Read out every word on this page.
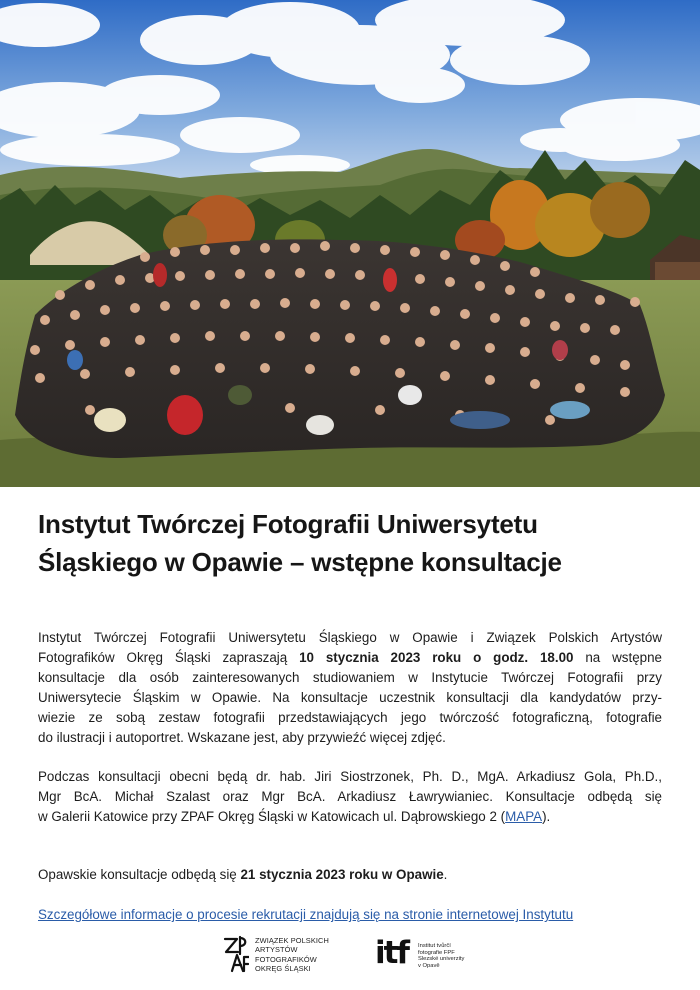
Instytut Twórczej Fotografii Uniwersytetu
Śląskiego w Opawie – wstępne konsultacje
Instytut Twórczej Fotografii Uniwersytetu Śląskiego w Opawie i Związek Polskich Artystów
Fotografików Okręg Śląski zapraszają 10 stycznia 2023 roku o godz. 18.00 na wstępne
konsultacje dla osób zainteresowanych studiowaniem w Instytucie Twórczej Fotografii przy
Uniwersytecie Śląskim w Opawie. Na konsultacje uczestnik konsultacji dla kandydatów przy-
wiezie ze sobą zestaw fotografii przedstawiających jego twórczość fotograficzną, fotografie
do ilustracji i autoportret. Wskazane jest, aby przywieźć więcej zdjęć.
Podczas konsultacji obecni będą dr. hab. Jiri Siostrzonek, Ph. D., MgA. Arkadiusz Gola, Ph.D.,
Mgr BcA. Michał Szalast oraz Mgr BcA. Arkadiusz Ławrywianiec. Konsultacje odbędą się
w Galerii Katowice przy ZPAF Okręg Śląski w Katowicach ul. Dąbrowskiego 2 (MAPA).

Opawskie konsultacje odbędą się 21 stycznia 2023 roku w Opawie.

Szczegółowe informacje o procesie rekrutacji znajdują się na stronie internetowej Instytutu
ZWIĄZEK POLSKICH
ARTYSTÓW
FOTOGRAFIKÓW
OKRĘG ŚLĄSKI	itf Institut tvůrčí
fotografie FPF
Slezské univerzity
v Opavě
